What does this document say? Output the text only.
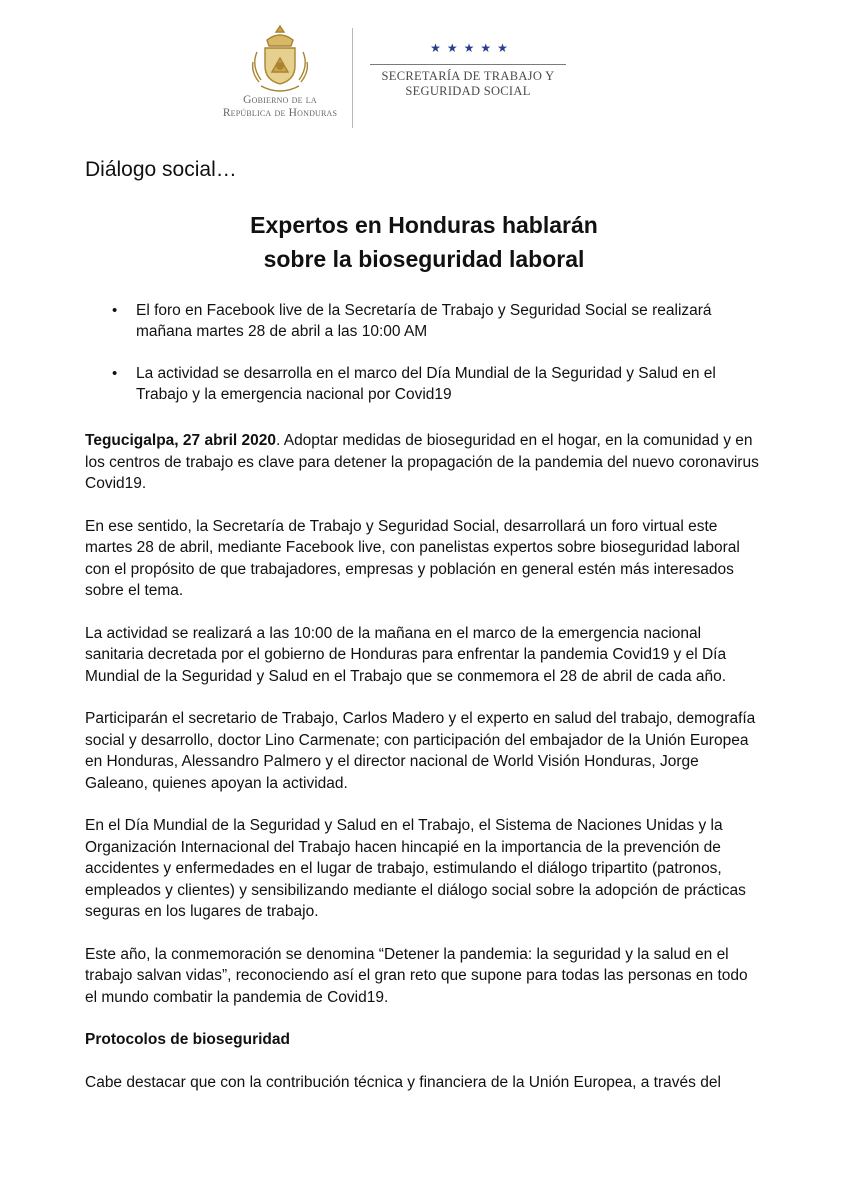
Gobierno de la
República de Honduras
★★★★★
SECRETARÍA DE TRABAJO Y
SEGURIDAD SOCIAL
Diálogo social…
Expertos en Honduras hablarán
sobre la bioseguridad laboral
• El foro en Facebook live de la Secretaría de Trabajo y Seguridad Social se realizará mañana martes 28 de abril a las 10:00 AM
• La actividad se desarrolla en el marco del Día Mundial de la Seguridad y Salud en el Trabajo y la emergencia nacional por Covid19

Tegucigalpa, 27 abril 2020. Adoptar medidas de bioseguridad en el hogar, en la comunidad y en los centros de trabajo es clave para detener la propagación de la pandemia del nuevo coronavirus Covid19.

En ese sentido, la Secretaría de Trabajo y Seguridad Social, desarrollará un foro virtual este martes 28 de abril, mediante Facebook live, con panelistas expertos sobre bioseguridad laboral con el propósito de que trabajadores, empresas y población en general estén más interesados sobre el tema.

La actividad se realizará a las 10:00 de la mañana en el marco de la emergencia nacional sanitaria decretada por el gobierno de Honduras para enfrentar la pandemia Covid19 y el Día Mundial de la Seguridad y Salud en el Trabajo que se conmemora el 28 de abril de cada año.

Participarán el secretario de Trabajo, Carlos Madero y el experto en salud del trabajo, demografía social y desarrollo, doctor Lino Carmenate; con participación del embajador de la Unión Europea en Honduras, Alessandro Palmero y el director nacional de World Visión Honduras, Jorge Galeano, quienes apoyan la actividad.

En el Día Mundial de la Seguridad y Salud en el Trabajo, el Sistema de Naciones Unidas y la Organización Internacional del Trabajo hacen hincapié en la importancia de la prevención de accidentes y enfermedades en el lugar de trabajo, estimulando el diálogo tripartito (patronos, empleados y clientes) y sensibilizando mediante el diálogo social sobre la adopción de prácticas seguras en los lugares de trabajo.

Este año, la conmemoración se denomina “Detener la pandemia: la seguridad y la salud en el trabajo salvan vidas”, reconociendo así el gran reto que supone para todas las personas en todo el mundo combatir la pandemia de Covid19.

Protocolos de bioseguridad

Cabe destacar que con la contribución técnica y financiera de la Unión Europea, a través del
